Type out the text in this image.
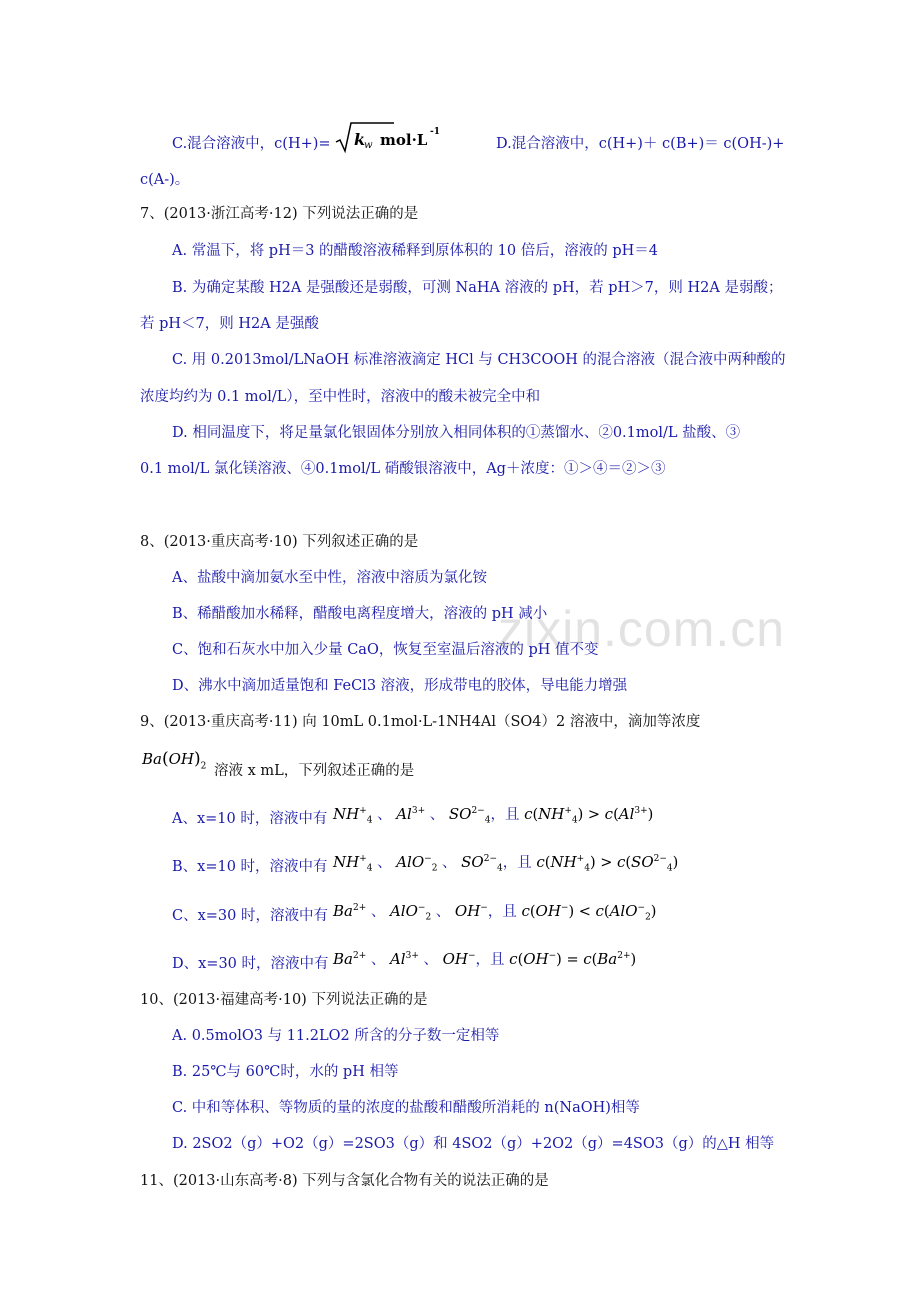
C.混合溶液中，c(H+)=	D.混合溶液中，c(H+)＋ c(B+)＝ c(OH-)+
c(A-)。
7、(2013·浙江高考·12) 下列说法正确的是
A. 常温下，将 pH＝3 的醋酸溶液稀释到原体积的 10 倍后，溶液的 pH＝4
B. 为确定某酸 H2A 是强酸还是弱酸，可测 NaHA 溶液的 pH，若 pH＞7，则 H2A 是弱酸；
若 pH＜7，则 H2A 是强酸
C. 用 0.2013mol/LNaOH 标准溶液滴定 HCl 与 CH3COOH 的混合溶液（混合液中两种酸的
浓度均约为 0.1 mol/L），至中性时，溶液中的酸未被完全中和
D. 相同温度下，将足量氯化银固体分别放入相同体积的①蒸馏水、②0.1mol/L 盐酸、③
0.1 mol/L 氯化镁溶液、④0.1mol/L 硝酸银溶液中，Ag＋浓度：①＞④＝②＞③
8、(2013·重庆高考·10) 下列叙述正确的是
A、盐酸中滴加氨水至中性，溶液中溶质为氯化铵
B、稀醋酸加水稀释，醋酸电离程度增大，溶液的 pH 减小
C、饱和石灰水中加入少量 CaO，恢复至室温后溶液的 pH 值不变
D、沸水中滴加适量饱和 FeCl3 溶液，形成带电的胶体，导电能力增强
9、(2013·重庆高考·11) 向 10mL 0.1mol·L-1NH4Al（SO4）2 溶液中，滴加等浓度
溶液 x mL，下列叙述正确的是
A、x=10 时，溶液中有
B、x=10 时，溶液中有
C、x=30 时，溶液中有
D、x=30 时，溶液中有
10、(2013·福建高考·10) 下列说法正确的是
A. 0.5molO3 与 11.2LO2 所含的分子数一定相等
B. 25℃与 60℃时，水的 pH 相等
C. 中和等体积、等物质的量的浓度的盐酸和醋酸所消耗的 n(NaOH)相等
D. 2SO2（g）+O2（g）=2SO3（g）和 4SO2（g）+2O2（g）=4SO3（g）的△H 相等
11、(2013·山东高考·8) 下列与含氯化合物有关的说法正确的是
k
w mol·L -1
$Ba(OH)_2$
$NH^+_4$ 、 $Al^{3+}$ 、 $SO^{2-}_4$，且 $c(NH^+_4) > c(Al^{3+})$
$NH^+_4$ 、 AlO−$_2$ 、 $SO^{2-}_4$，且 $c(NH^+_4) > c(SO^{2-}_4)$
$Ba^{2+}$ 、 AlO−$_2$ 、 OH−，且 c(OH−) < c(AlO−$_2$)
$Ba^{2+}$ 、 $Al^{3+}$ 、 OH−，且 $c(OH^-) = c(Ba^{2+})$
zixin.com.cn
